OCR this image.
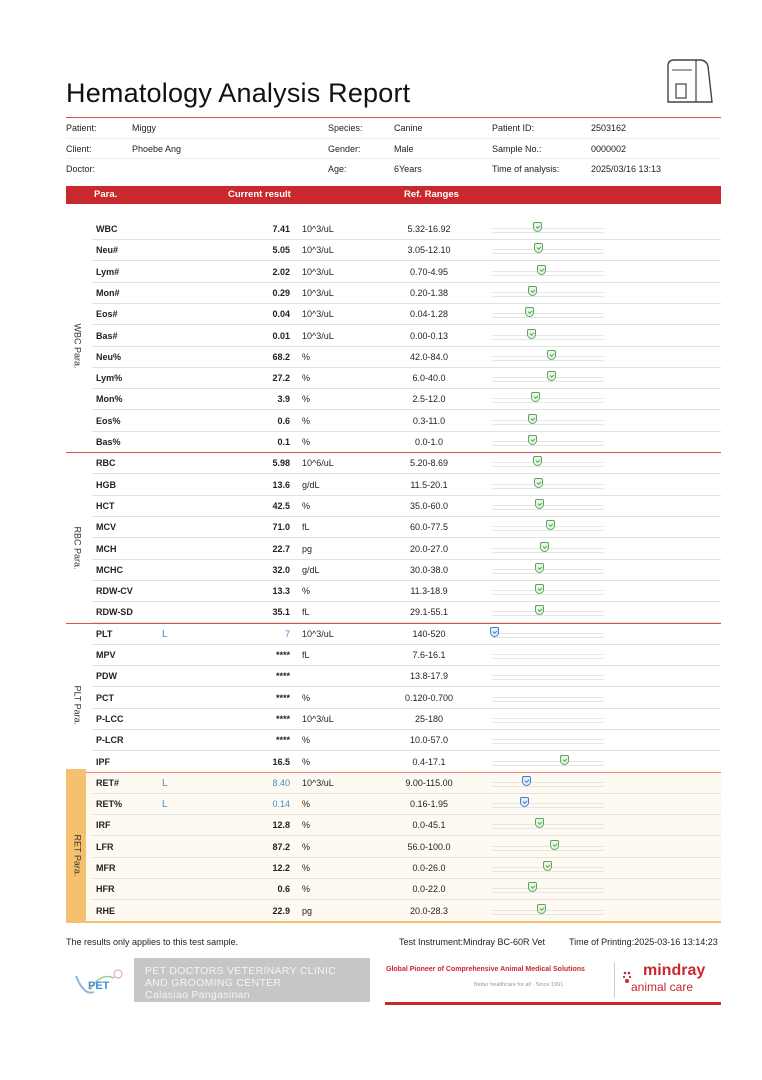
Hematology Analysis Report
Patient:	Miggy
Client:	Phoebe Ang
Doctor:
Species:	Canine
Gender:	Male
Age:	6Years
Patient ID:	2503162
Sample No.:	0000002
Time of analysis:	2025/03/16 13:13
Para.	Current result	Ref. Ranges
WBC	7.41 10^3/uL	5.32-16.92
Neu#	5.05 10^3/uL	3.05-12.10
Lym#	2.02 10^3/uL	0.70-4.95
Mon#	0.29 10^3/uL	0.20-1.38
Eos#	0.04 10^3/uL	0.04-1.28
Bas#	0.01 10^3/uL	0.00-0.13
Neu%	68.2 %	42.0-84.0
Lym%	27.2 %	6.0-40.0
Mon%	3.9 %	2.5-12.0
Eos%	0.6 %	0.3-11.0
Bas%	0.1 %	0.0-1.0
WBC Para.
RBC	5.98 10^6/uL	5.20-8.69
HGB	13.6 g/dL	11.5-20.1
HCT	42.5 %	35.0-60.0
MCV	71.0 fL	60.0-77.5
MCH	22.7 pg	20.0-27.0
MCHC	32.0 g/dL	30.0-38.0
RDW-CV	13.3 %	11.3-18.9
RDW-SD	35.1 fL	29.1-55.1
RBC Para.
PLT	L	7 10^3/uL	140-520
MPV	**** fL	7.6-16.1
PDW	****	13.8-17.9
PCT	**** %	0.120-0.700
P-LCC	**** 10^3/uL	25-180
P-LCR	**** %	10.0-57.0
IPF	16.5 %	0.4-17.1
PLT Para.
RET#	L	8.40 10^3/uL	9.00-115.00
RET%	L	0.14 %	0.16-1.95
IRF	12.8 %	0.0-45.1
LFR	87.2 %	56.0-100.0
MFR	12.2 %	0.0-26.0
HFR	0.6 %	0.0-22.0
RHE	22.9 pg	20.0-28.3
RET Para.
The results only applies to this test sample.	Test Instrument:Mindray BC-60R Vet	Time of Printing:2025-03-16 13:14:23
PET
PET DOCTORS VETERINARY CLINIC
AND GROOMING CENTER
Calasiao Pangasinan
Global Pioneer of Comprehensive Animal Medical Solutions
Better healthcare for all · Since 1991
mindray
animal care
